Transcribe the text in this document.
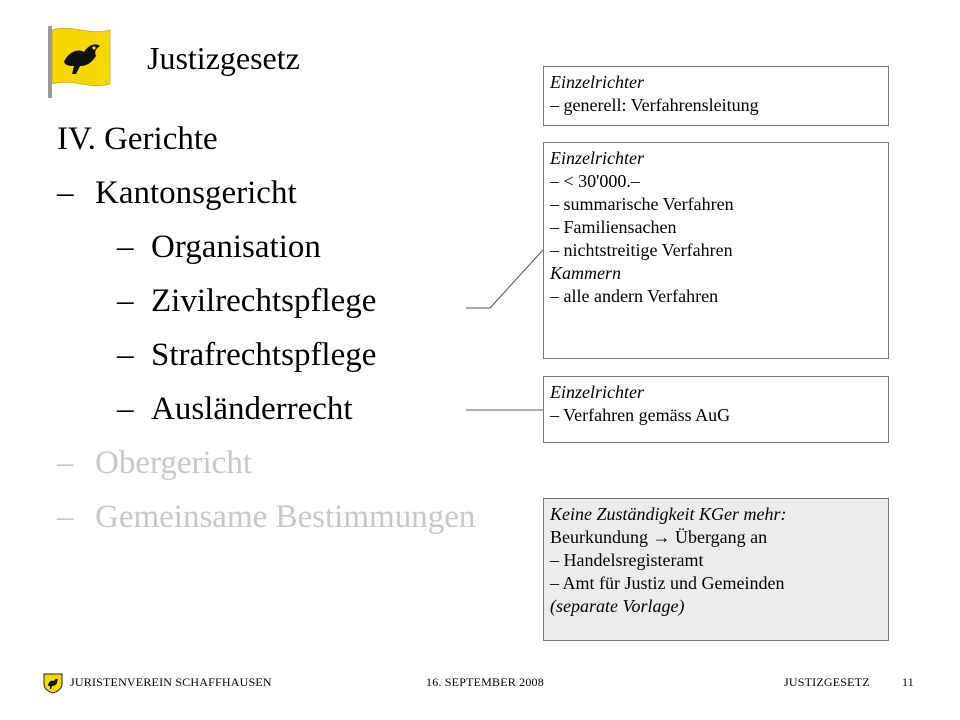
Justizgesetz
IV. Gerichte
– Kantonsgericht
– Organisation
– Zivilrechtspflege
– Strafrechtspflege
– Ausländerrecht
– Obergericht
– Gemeinsame Bestimmungen
Einzelrichter
– generell: Verfahrensleitung
Einzelrichter
– < 30'000.–
– summarische Verfahren
– Familiensachen
– nichtstreitige Verfahren
Kammern
– alle andern Verfahren
Einzelrichter
– Verfahren gemäss AuG
Keine Zuständigkeit KGer mehr:
Beurkundung → Übergang an
– Handelsregisteramt
– Amt für Justiz und Gemeinden
(separate Vorlage)
JURISTENVEREIN SCHAFFHAUSEN	16. SEPTEMBER 2008	JUSTIZGESETZ	11
